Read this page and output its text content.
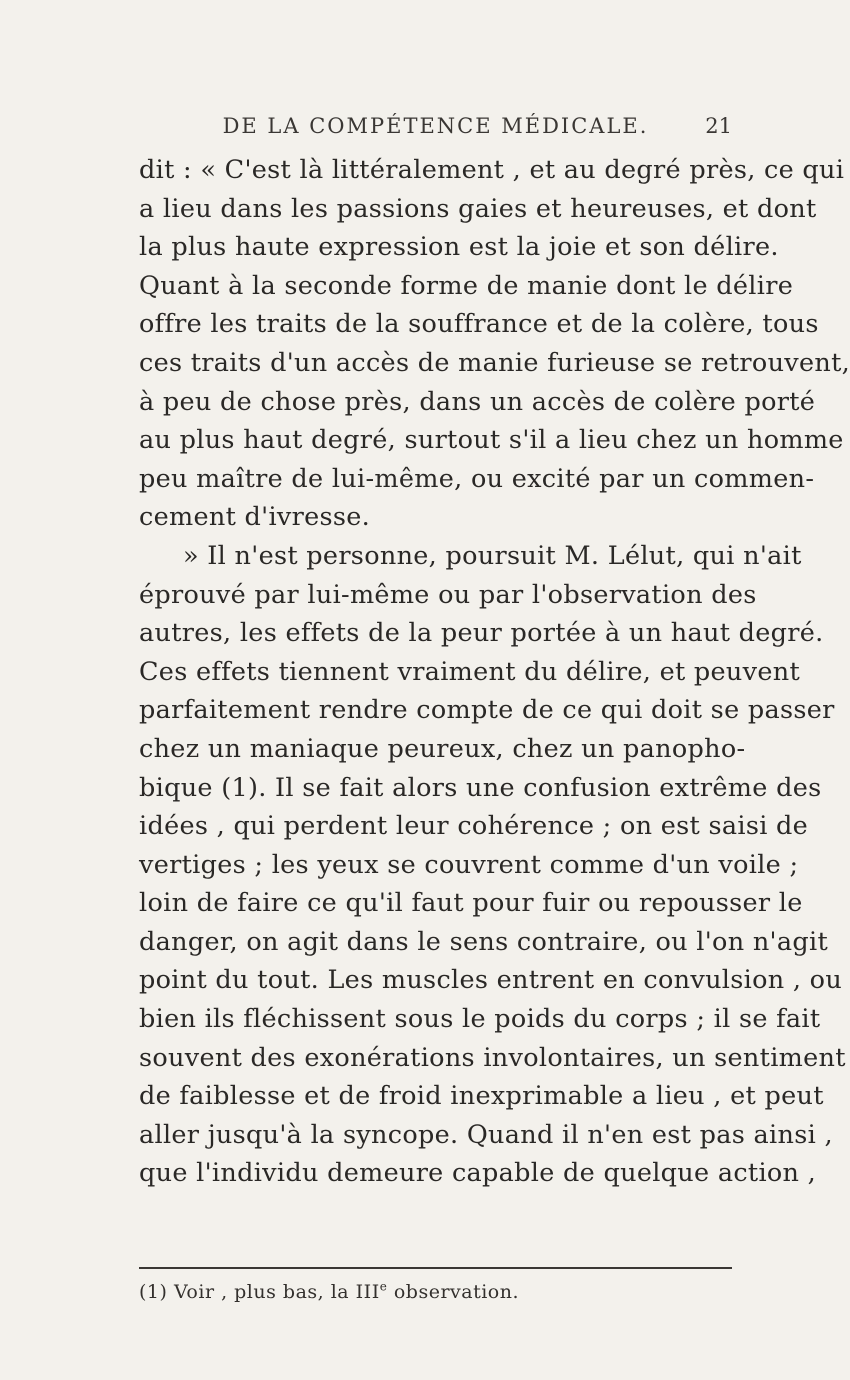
DE LA COMPÉTENCE MÉDICALE.	21
dit : « C'est là littéralement , et au degré près, ce qui
a lieu dans les passions gaies et heureuses, et dont
la plus haute expression est la joie et son délire.
Quant à la seconde forme de manie dont le délire
offre les traits de la souffrance et de la colère, tous
ces traits d'un accès de manie furieuse se retrouvent,
à peu de chose près, dans un accès de colère porté
au plus haut degré, surtout s'il a lieu chez un homme
peu maître de lui-même, ou excité par un commen-
cement d'ivresse.
» Il n'est personne, poursuit M. Lélut, qui n'ait
éprouvé par lui-même ou par l'observation des
autres, les effets de la peur portée à un haut degré.
Ces effets tiennent vraiment du délire, et peuvent
parfaitement rendre compte de ce qui doit se passer
chez un maniaque peureux, chez un panopho-
bique (1). Il se fait alors une confusion extrême des
idées , qui perdent leur cohérence ; on est saisi de
vertiges ; les yeux se couvrent comme d'un voile ;
loin de faire ce qu'il faut pour fuir ou repousser le
danger, on agit dans le sens contraire, ou l'on n'agit
point du tout. Les muscles entrent en convulsion , ou
bien ils fléchissent sous le poids du corps ; il se fait
souvent des exonérations involontaires, un sentiment
de faiblesse et de froid inexprimable a lieu , et peut
aller jusqu'à la syncope. Quand il n'en est pas ainsi ,
que l'individu demeure capable de quelque action ,
(1) Voir , plus bas, la IIIe observation.
